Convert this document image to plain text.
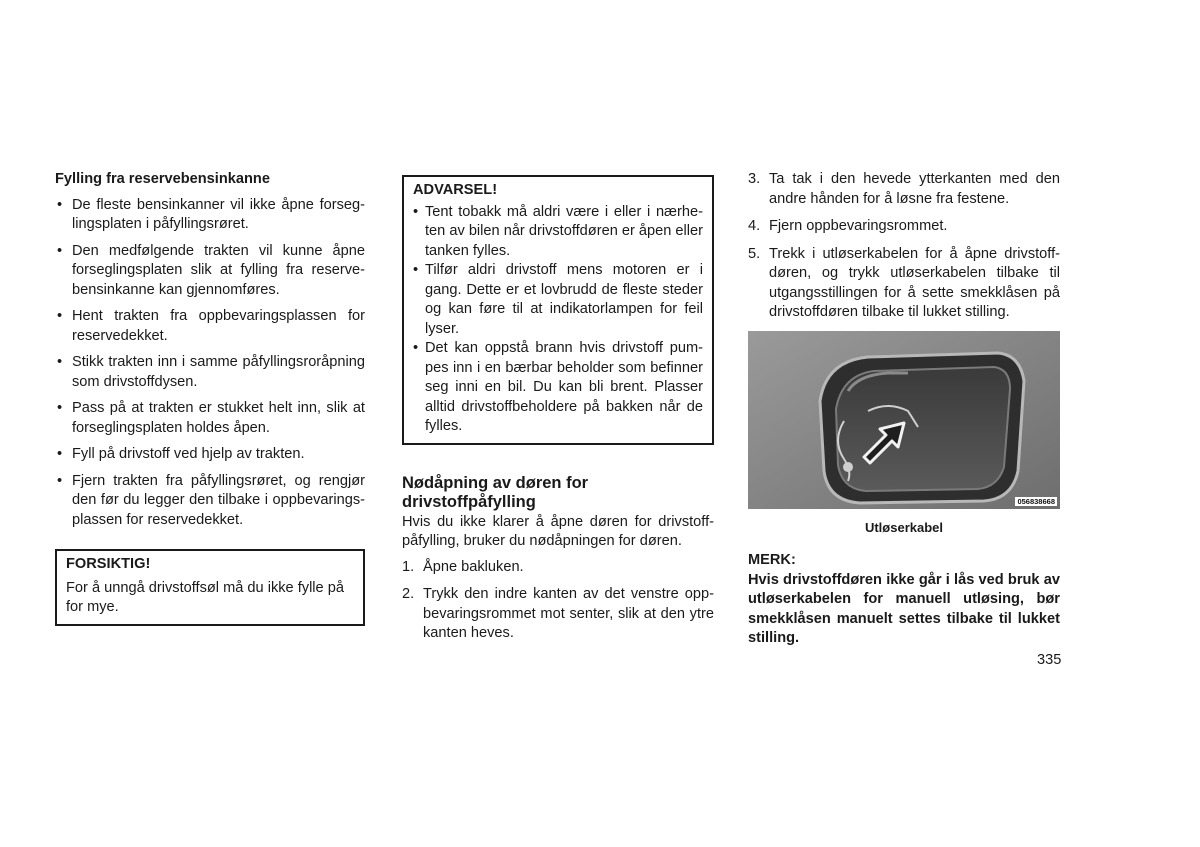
Fylling fra reservebensinkanne
• De fleste bensinkanner vil ikke åpne forseg-lingsplaten i påfyllingsrøret.
• Den medfølgende trakten vil kunne åpne forseglingsplaten slik at fylling fra reserve-bensinkanne kan gjennomføres.
• Hent trakten fra oppbevaringsplassen for reservedekket.
• Stikk trakten inn i samme påfyllingsroråpning som drivstoffdysen.
• Pass på at trakten er stukket helt inn, slik at forseglingsplaten holdes åpen.
• Fyll på drivstoff ved hjelp av trakten.
• Fjern trakten fra påfyllingsrøret, og rengjør den før du legger den tilbake i oppbevarings-plassen for reservedekket.
FORSIKTIG!
For å unngå drivstoffsøl må du ikke fylle på for mye.
ADVARSEL!
• Tent tobakk må aldri være i eller i nærhe-ten av bilen når drivstoffdøren er åpen eller tanken fylles.
• Tilfør aldri drivstoff mens motoren er i gang. Dette er et lovbrudd de fleste steder og kan føre til at indikatorlampen for feil lyser.
• Det kan oppstå brann hvis drivstoff pum-pes inn i en bærbar beholder som befinner seg inni en bil. Du kan bli brent. Plasser alltid drivstoffbeholdere på bakken når de fylles.
Nødåpning av døren for drivstoffpåfylling
Hvis du ikke klarer å åpne døren for drivstoff-påfylling, bruker du nødåpningen for døren.
1. Åpne bakluken.
2. Trykk den indre kanten av det venstre opp-bevaringsrommet mot senter, slik at den ytre kanten heves.
3. Ta tak i den hevede ytterkanten med den andre hånden for å løsne fra festene.
4. Fjern oppbevaringsrommet.
5. Trekk i utløserkabelen for å åpne drivstoff-døren, og trykk utløserkabelen tilbake til utgangsstillingen for å sette smekklåsen på drivstoffdøren tilbake til lukket stilling.
056838668
Utløserkabel
MERK:
Hvis drivstoffdøren ikke går i lås ved bruk av utløserkabelen for manuell utløsing, bør smekklåsen manuelt settes tilbake til lukket stilling.
335
